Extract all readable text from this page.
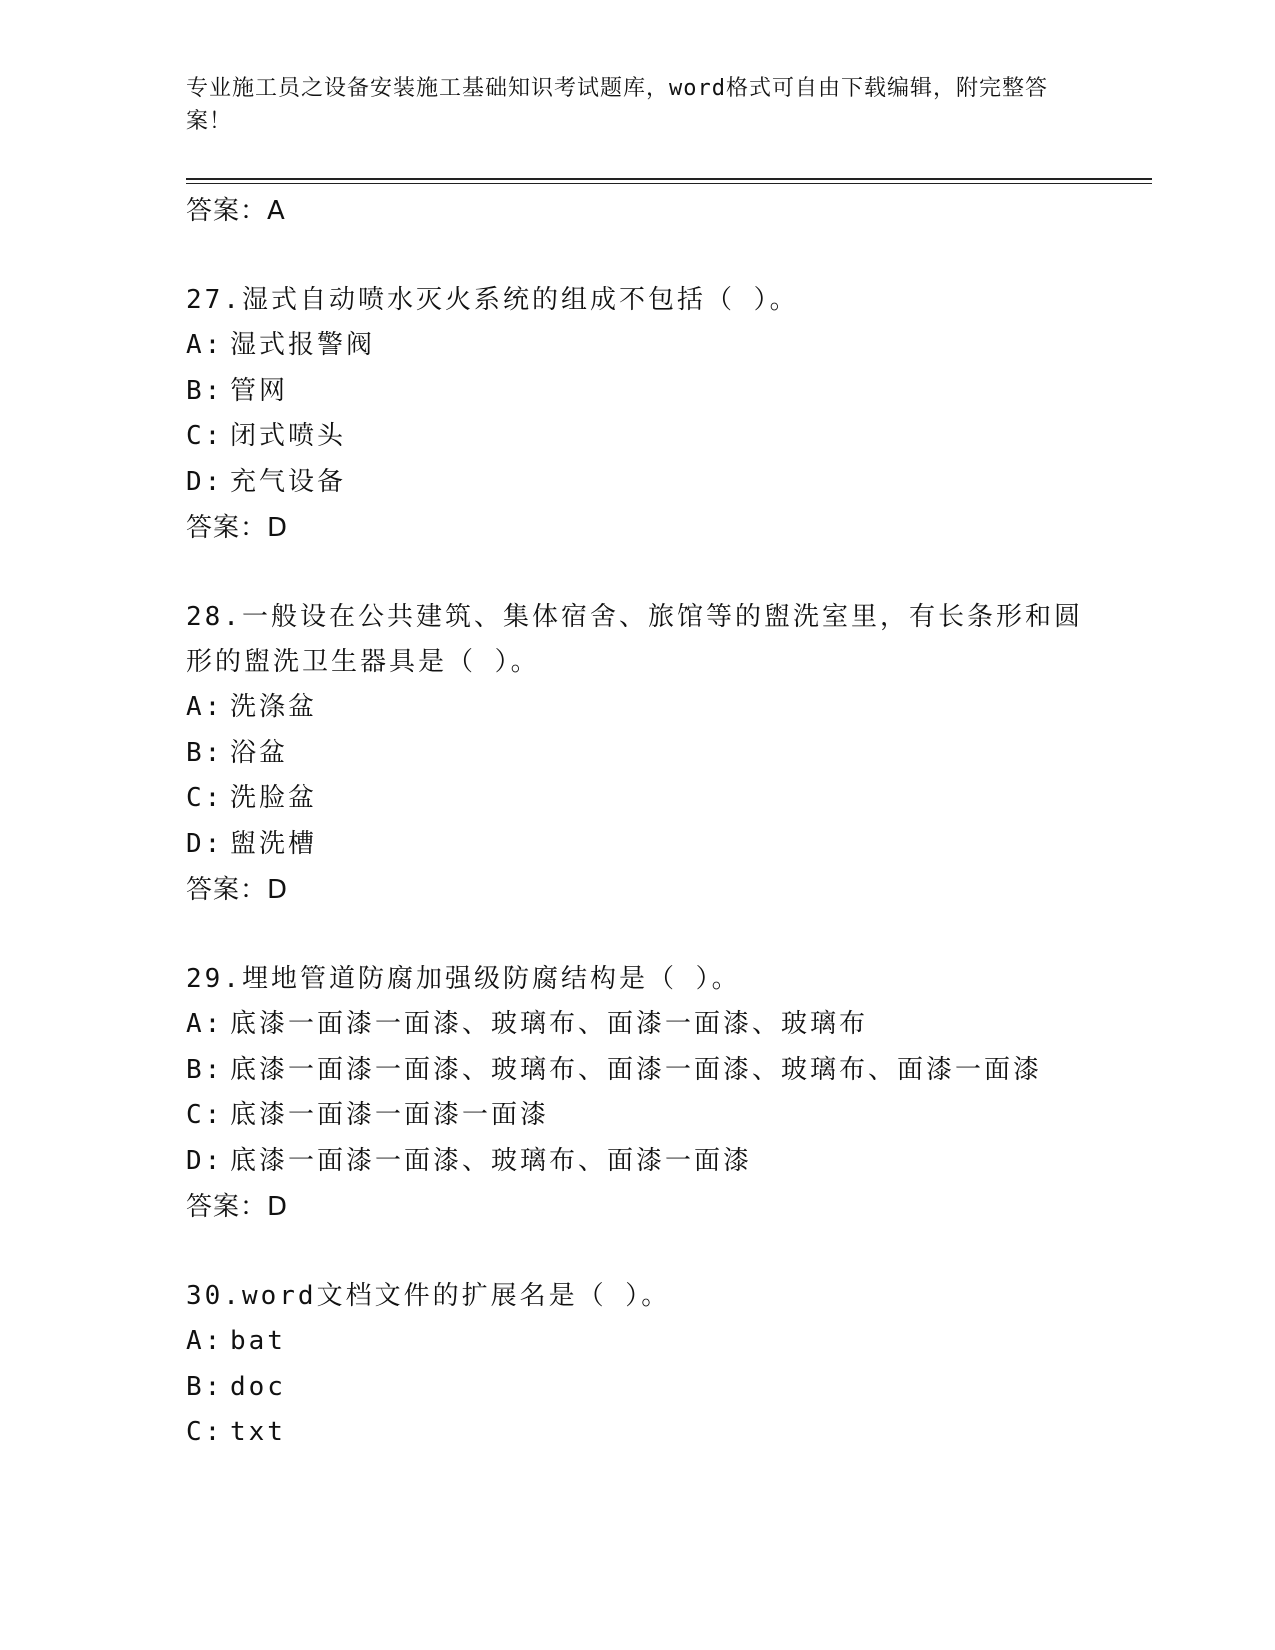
专业施工员之设备安装施工基础知识考试题库，word格式可自由下载编辑，附完整答案！
答案：A
27.湿式自动喷水灭火系统的组成不包括（ ）。
A: 湿式报警阀
B: 管网
C: 闭式喷头
D: 充气设备
答案：D
28.一般设在公共建筑、集体宿舍、旅馆等的盥洗室里，有长条形和圆形的盥洗卫生器具是（ ）。
A: 洗涤盆
B: 浴盆
C: 洗脸盆
D: 盥洗槽
答案：D
29.埋地管道防腐加强级防腐结构是（ ）。
A: 底漆一面漆一面漆、玻璃布、面漆一面漆、玻璃布
B: 底漆一面漆一面漆、玻璃布、面漆一面漆、玻璃布、面漆一面漆
C: 底漆一面漆一面漆一面漆
D: 底漆一面漆一面漆、玻璃布、面漆一面漆
答案：D
30.word文档文件的扩展名是（ ）。
A: bat
B: doc
C: txt
